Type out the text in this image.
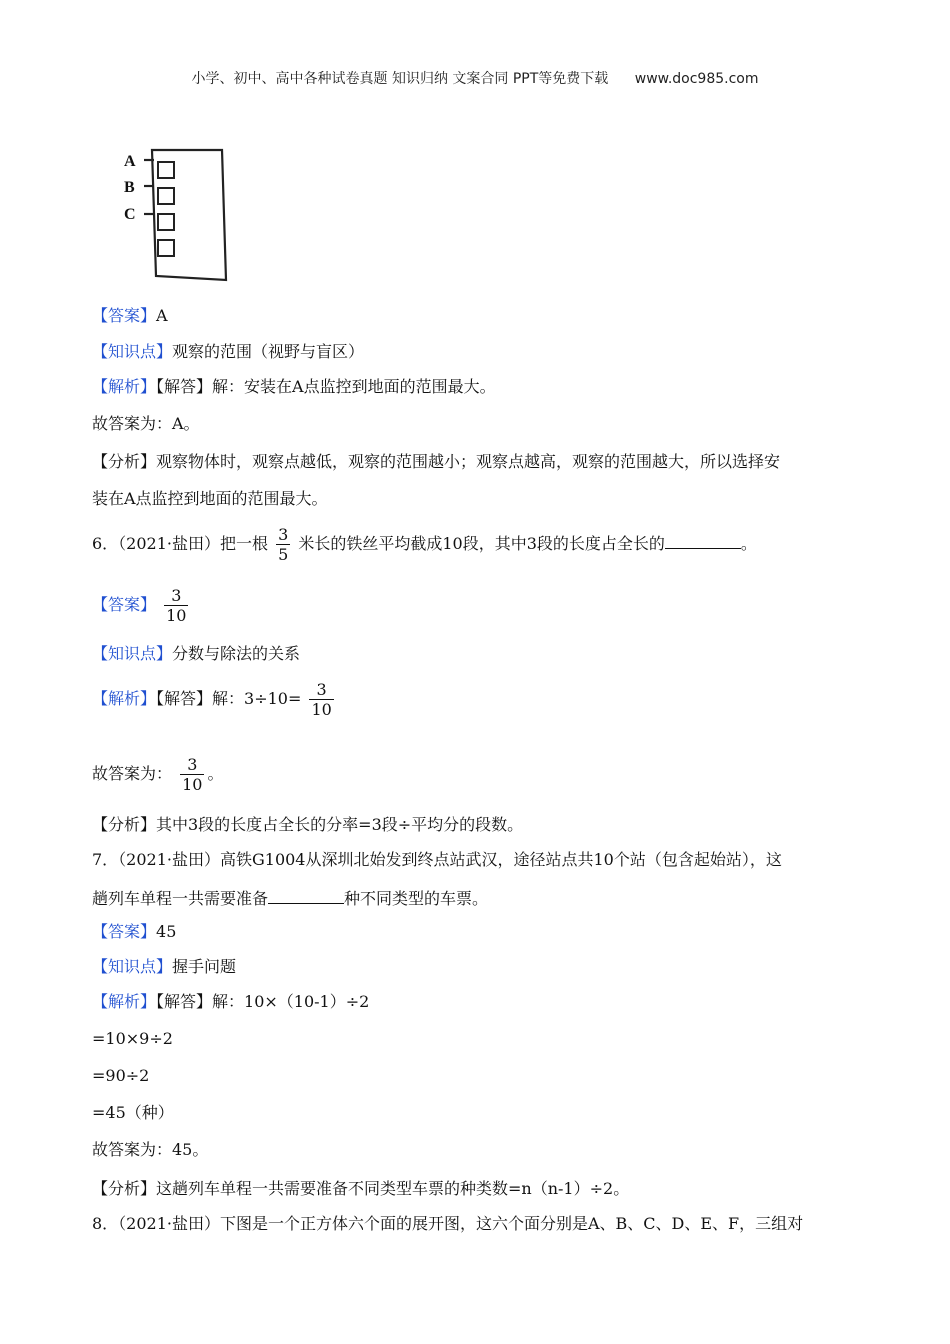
小学、初中、高中各种试卷真题 知识归纳 文案合同 PPT等免费下载 www.doc985.com
A
B
C
【答案】A
【知识点】观察的范围（视野与盲区）
【解析】【解答】解：安装在A点监控到地面的范围最大。
故答案为：A。
【分析】观察物体时，观察点越低，观察的范围越小；观察点越高，观察的范围越大，所以选择安
装在A点监控到地面的范围最大。
6．（2021·盐田）把一根 $\frac{3}{5}$ 米长的铁丝平均截成10段，其中3段的长度占全长的	。
【答案】 $\frac{3}{10}$
【知识点】分数与除法的关系
【解析】【解答】解：$3\div 10= \frac{3}{10}$
故答案为： $\frac{3}{10}$ 。
【分析】其中3段的长度占全长的分率=3段÷平均分的段数。
7．（2021·盐田）高铁G1004从深圳北始发到终点站武汉，途径站点共10个站（包含起始站），这
趟列车单程一共需要准备	种不同类型的车票。
【答案】45
【知识点】握手问题
【解析】【解答】解：10×（10-1）÷2
=10×9÷2
=90÷2
=45（种）
故答案为：45。
【分析】这趟列车单程一共需要准备不同类型车票的种类数=n（n-1）÷2。
8．（2021·盐田）下图是一个正方体六个面的展开图，这六个面分别是A、B、C、D、E、F，三组对
